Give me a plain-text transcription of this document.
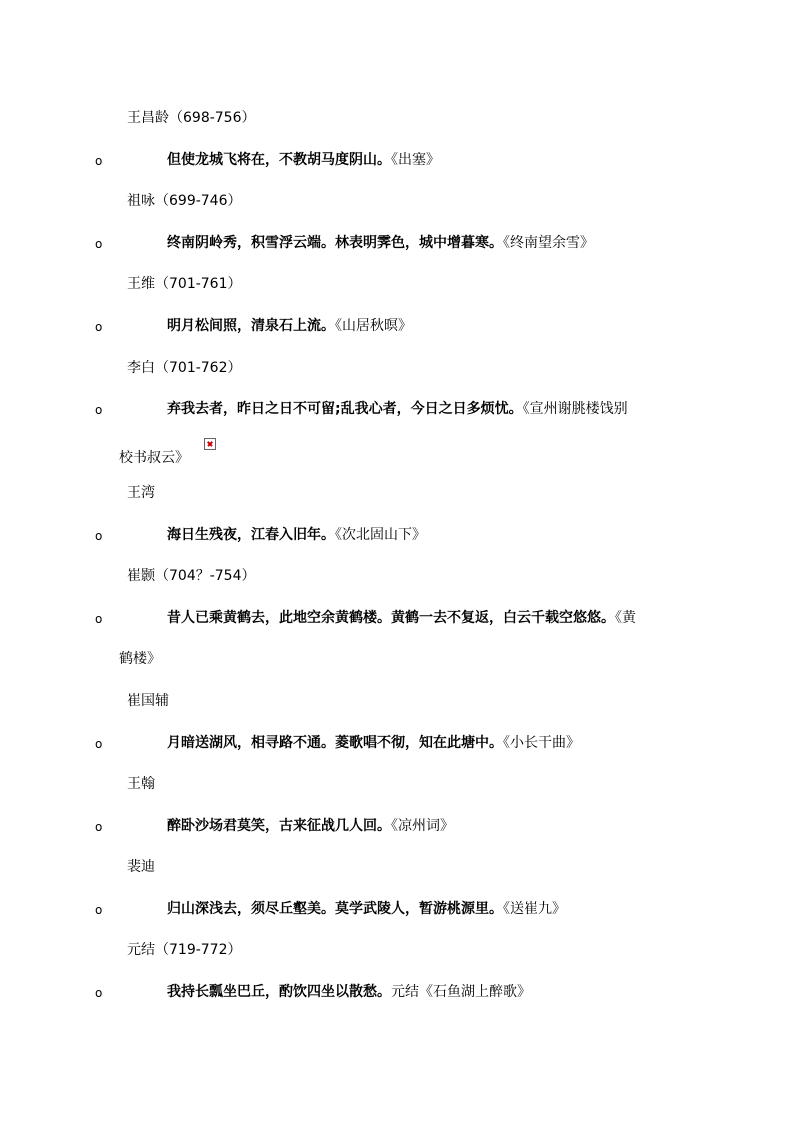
王昌龄（698-756）
o	但使龙城飞将在，不教胡马度阴山。《出塞》
祖咏（699-746）
o	终南阴岭秀，积雪浮云端。林表明霁色，城中增暮寒。《终南望余雪》
王维（701-761）
o	明月松间照，清泉石上流。《山居秋暝》
李白（701-762）
o	弃我去者，昨日之日不可留;乱我心者，今日之日多烦忧。《宣州谢朓楼饯别
校书叔云》
王湾
o	海日生残夜，江春入旧年。《次北固山下》
崔颢（704？-754）
o	昔人已乘黄鹤去，此地空余黄鹤楼。黄鹤一去不复返，白云千载空悠悠。《黄
鹤楼》
崔国辅
o	月暗送湖风，相寻路不通。菱歌唱不彻，知在此塘中。《小长干曲》
王翰
o	醉卧沙场君莫笑，古来征战几人回。《凉州词》
裴迪
o	归山深浅去，须尽丘壑美。莫学武陵人，暂游桃源里。《送崔九》
元结（719-772）
o	我持长瓢坐巴丘，酌饮四坐以散愁。元结《石鱼湖上醉歌》
